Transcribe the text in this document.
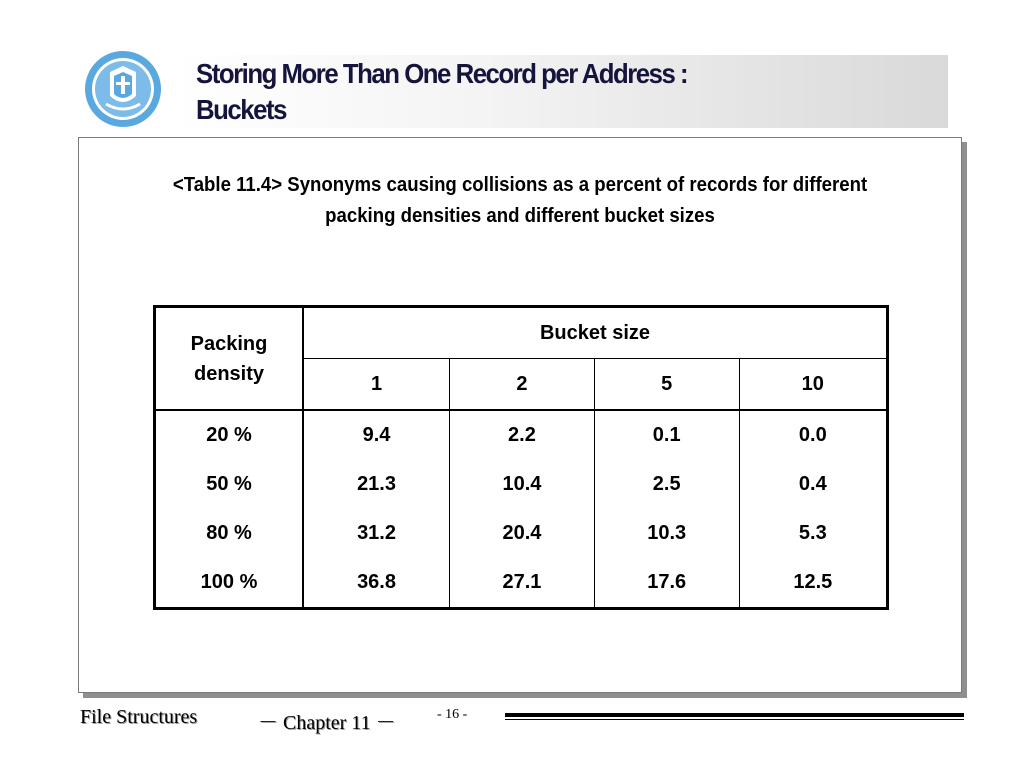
Storing More Than One Record per Address :
Buckets
<Table 11.4> Synonyms causing collisions as a percent of records for different
packing densities and different bucket sizes
Packing
density	Bucket size			
	1	2	5	10
20 %	9.4	2.2	0.1	0.0
50 %	21.3	10.4	2.5	0.4
80 %	31.2	20.4	10.3	5.3
100 %	36.8	27.1	17.6	12.5
File Structures	－ Chapter 11 －	- 16 -
